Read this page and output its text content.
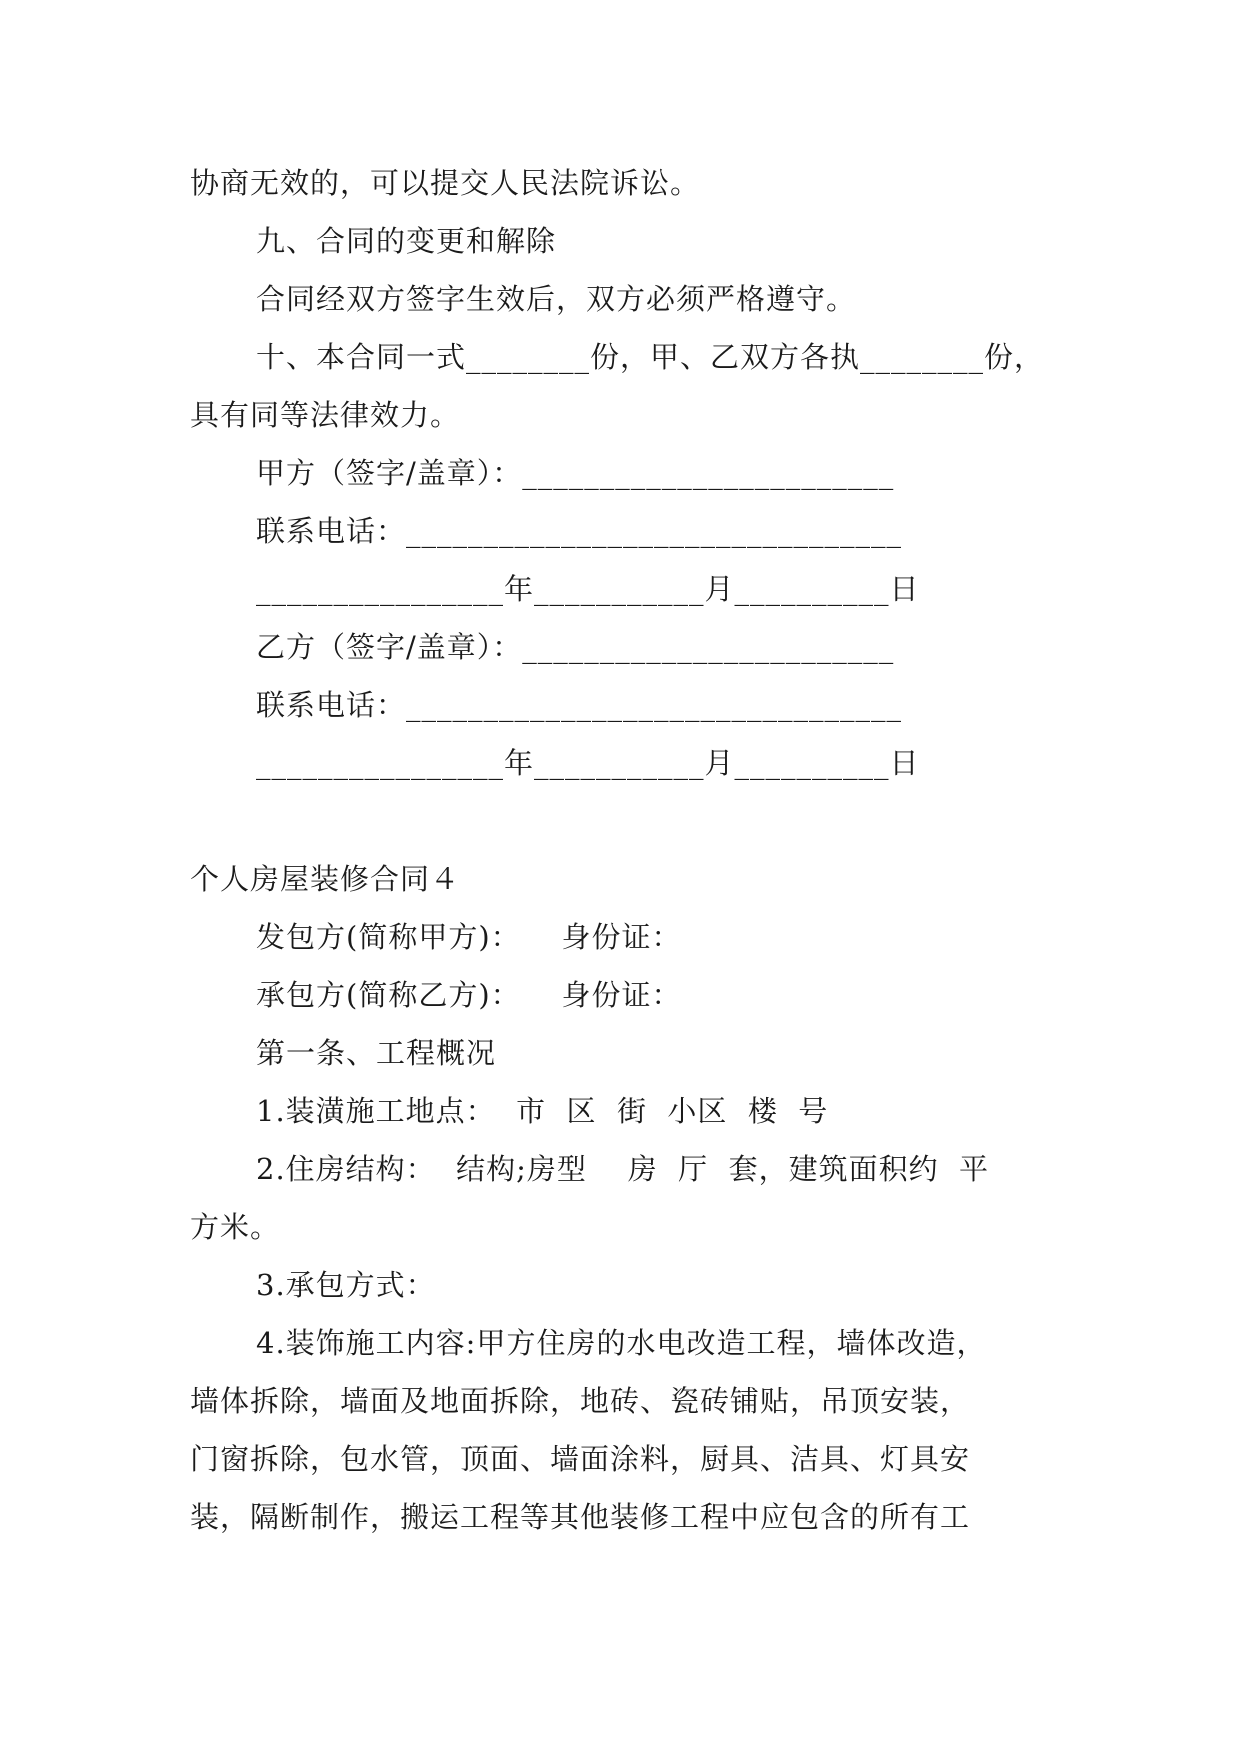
协商无效的，可以提交人民法院诉讼。
九、合同的变更和解除
合同经双方签字生效后，双方必须严格遵守。
十、本合同一式________份，甲、乙双方各执________份，
具有同等法律效力。
甲方（签字/盖章）：________________________
联系电话：________________________________
________________年___________月__________日
乙方（签字/盖章）：________________________
联系电话：________________________________
________________年___________月__________日
个人房屋装修合同４
发包方(简称甲方)：    身份证：
承包方(简称乙方)：    身份证：
第一条、工程概况
1.装潢施工地点：  市  区  街  小区  楼  号
2.住房结构：  结构;房型    房  厅  套，建筑面积约  平
方米。
3.承包方式：
4.装饰施工内容:甲方住房的水电改造工程，墙体改造，
墙体拆除，墙面及地面拆除，地砖、瓷砖铺贴，吊顶安装，
门窗拆除，包水管，顶面、墙面涂料，厨具、洁具、灯具安
装，隔断制作，搬运工程等其他装修工程中应包含的所有工
